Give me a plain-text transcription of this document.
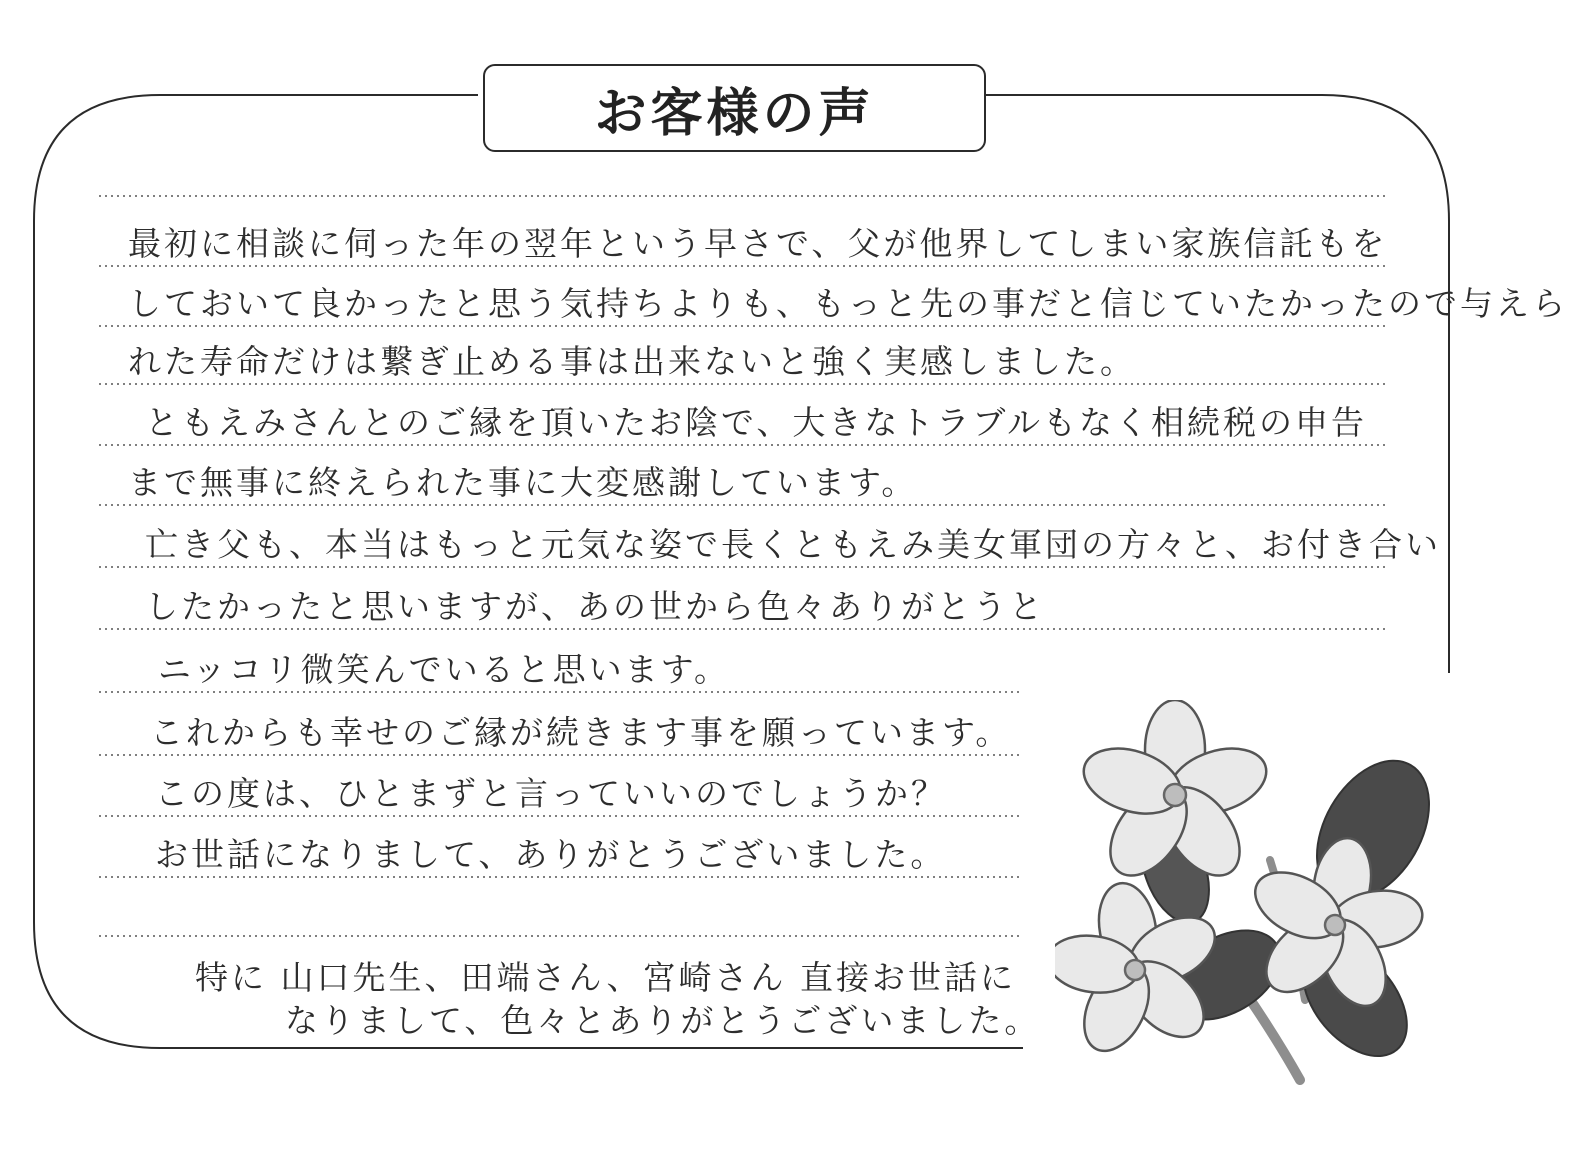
お客様の声
最初に相談に伺った年の翌年という早さで、父が他界してしまい家族信託もを
しておいて良かったと思う気持ちよりも、もっと先の事だと信じていたかったので与えら
れた寿命だけは繋ぎ止める事は出来ないと強く実感しました。
ともえみさんとのご縁を頂いたお陰で、大きなトラブルもなく相続税の申告
まで無事に終えられた事に大変感謝しています。
亡き父も、本当はもっと元気な姿で長くともえみ美女軍団の方々と、お付き合い
したかったと思いますが、あの世から色々ありがとうと
ニッコリ微笑んでいると思います。
これからも幸せのご縁が続きます事を願っています。
この度は、ひとまずと言っていいのでしょうか？
お世話になりまして、ありがとうございました。
特に 山口先生、田端さん、宮崎さん 直接お世話に
なりまして、色々とありがとうございました。
